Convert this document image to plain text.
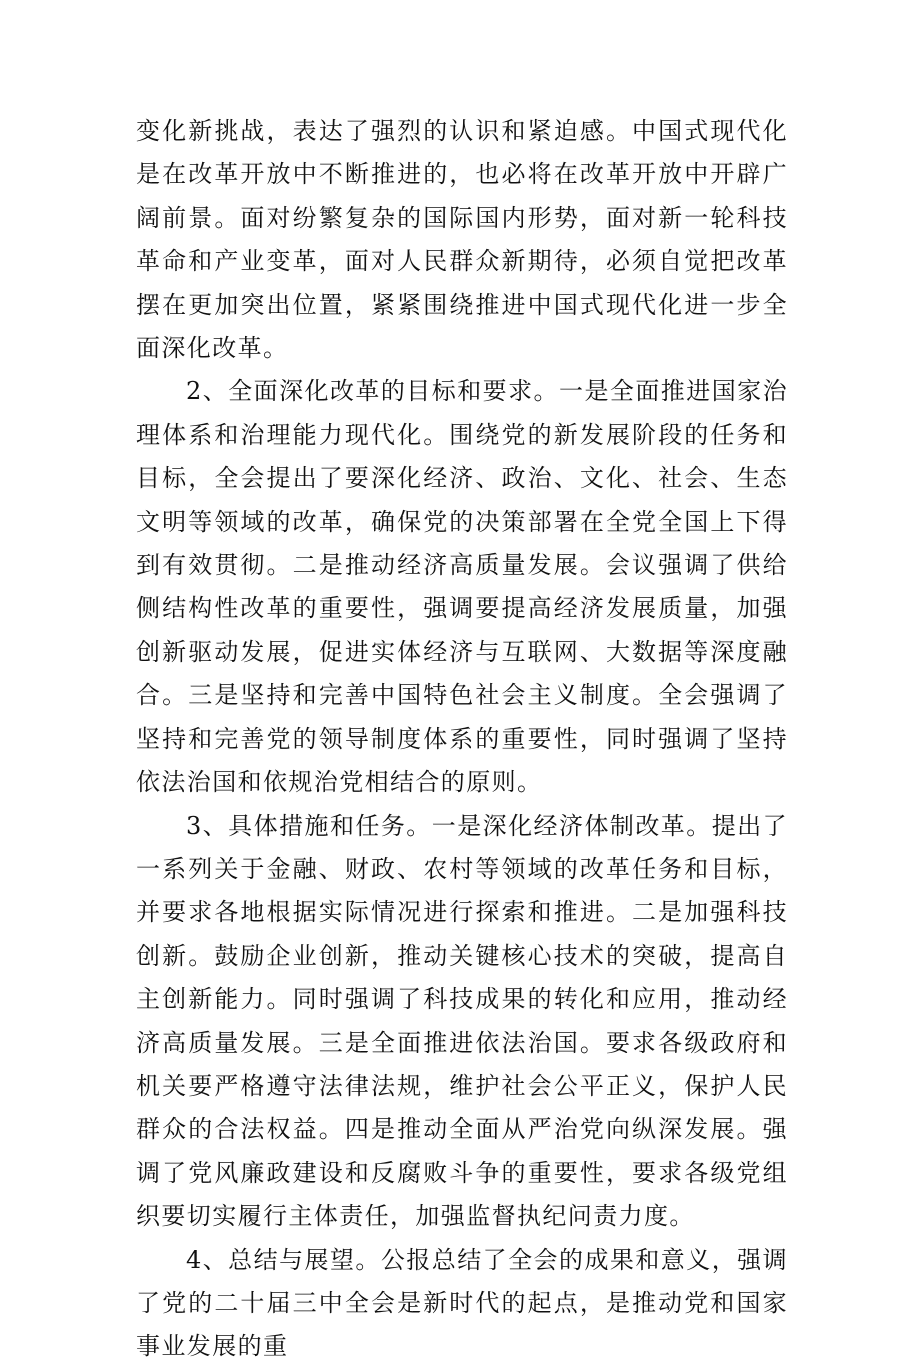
变化新挑战，表达了强烈的认识和紧迫感。中国式现代化是在改革开放中不断推进的，也必将在改革开放中开辟广阔前景。面对纷繁复杂的国际国内形势，面对新一轮科技革命和产业变革，面对人民群众新期待，必须自觉把改革摆在更加突出位置，紧紧围绕推进中国式现代化进一步全面深化改革。

2、全面深化改革的目标和要求。一是全面推进国家治理体系和治理能力现代化。围绕党的新发展阶段的任务和目标，全会提出了要深化经济、政治、文化、社会、生态文明等领域的改革，确保党的决策部署在全党全国上下得到有效贯彻。二是推动经济高质量发展。会议强调了供给侧结构性改革的重要性，强调要提高经济发展质量，加强创新驱动发展，促进实体经济与互联网、大数据等深度融合。三是坚持和完善中国特色社会主义制度。全会强调了坚持和完善党的领导制度体系的重要性，同时强调了坚持依法治国和依规治党相结合的原则。

3、具体措施和任务。一是深化经济体制改革。提出了一系列关于金融、财政、农村等领域的改革任务和目标，并要求各地根据实际情况进行探索和推进。二是加强科技创新。鼓励企业创新，推动关键核心技术的突破，提高自主创新能力。同时强调了科技成果的转化和应用，推动经济高质量发展。三是全面推进依法治国。要求各级政府和机关要严格遵守法律法规，维护社会公平正义，保护人民群众的合法权益。四是推动全面从严治党向纵深发展。强调了党风廉政建设和反腐败斗争的重要性，要求各级党组织要切实履行主体责任，加强监督执纪问责力度。

4、总结与展望。公报总结了全会的成果和意义，强调了党的二十届三中全会是新时代的起点，是推动党和国家事业发展的重
